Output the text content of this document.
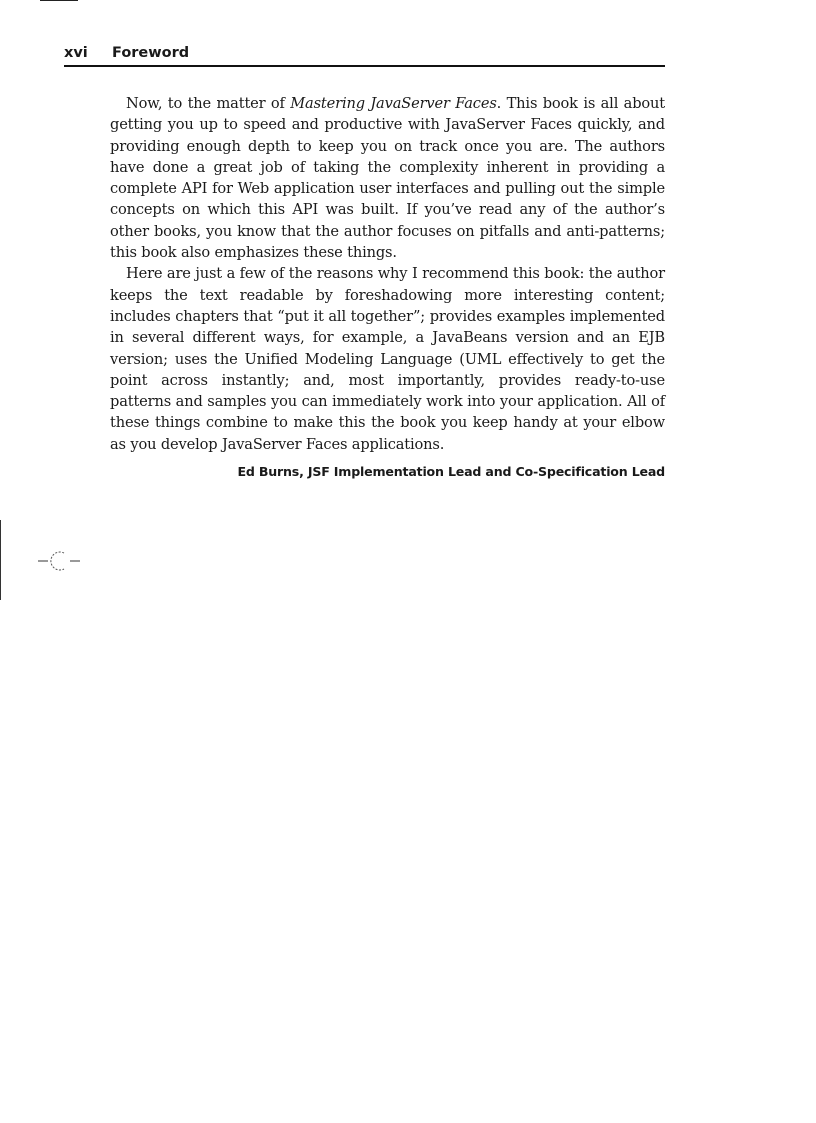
xvi Foreword

Now, to the matter of Mastering JavaServer Faces. This book is all about getting you up to speed and productive with JavaServer Faces quickly, and providing enough depth to keep you on track once you are. The authors have done a great job of taking the complexity inherent in providing a complete API for Web application user interfaces and pulling out the simple concepts on which this API was built. If you’ve read any of the author’s other books, you know that the author focuses on pitfalls and anti-patterns; this book also emphasizes these things.

Here are just a few of the reasons why I recommend this book: the author keeps the text readable by foreshadowing more interesting content; includes chapters that “put it all together”; provides examples implemented in several different ways, for example, a JavaBeans version and an EJB version; uses the Unified Modeling Language (UML effectively to get the point across instantly; and, most importantly, provides ready-to-use patterns and samples you can immediately work into your application. All of these things combine to make this the book you keep handy at your elbow as you develop JavaServer Faces applications.

Ed Burns, JSF Implementation Lead and Co-Specification Lead
